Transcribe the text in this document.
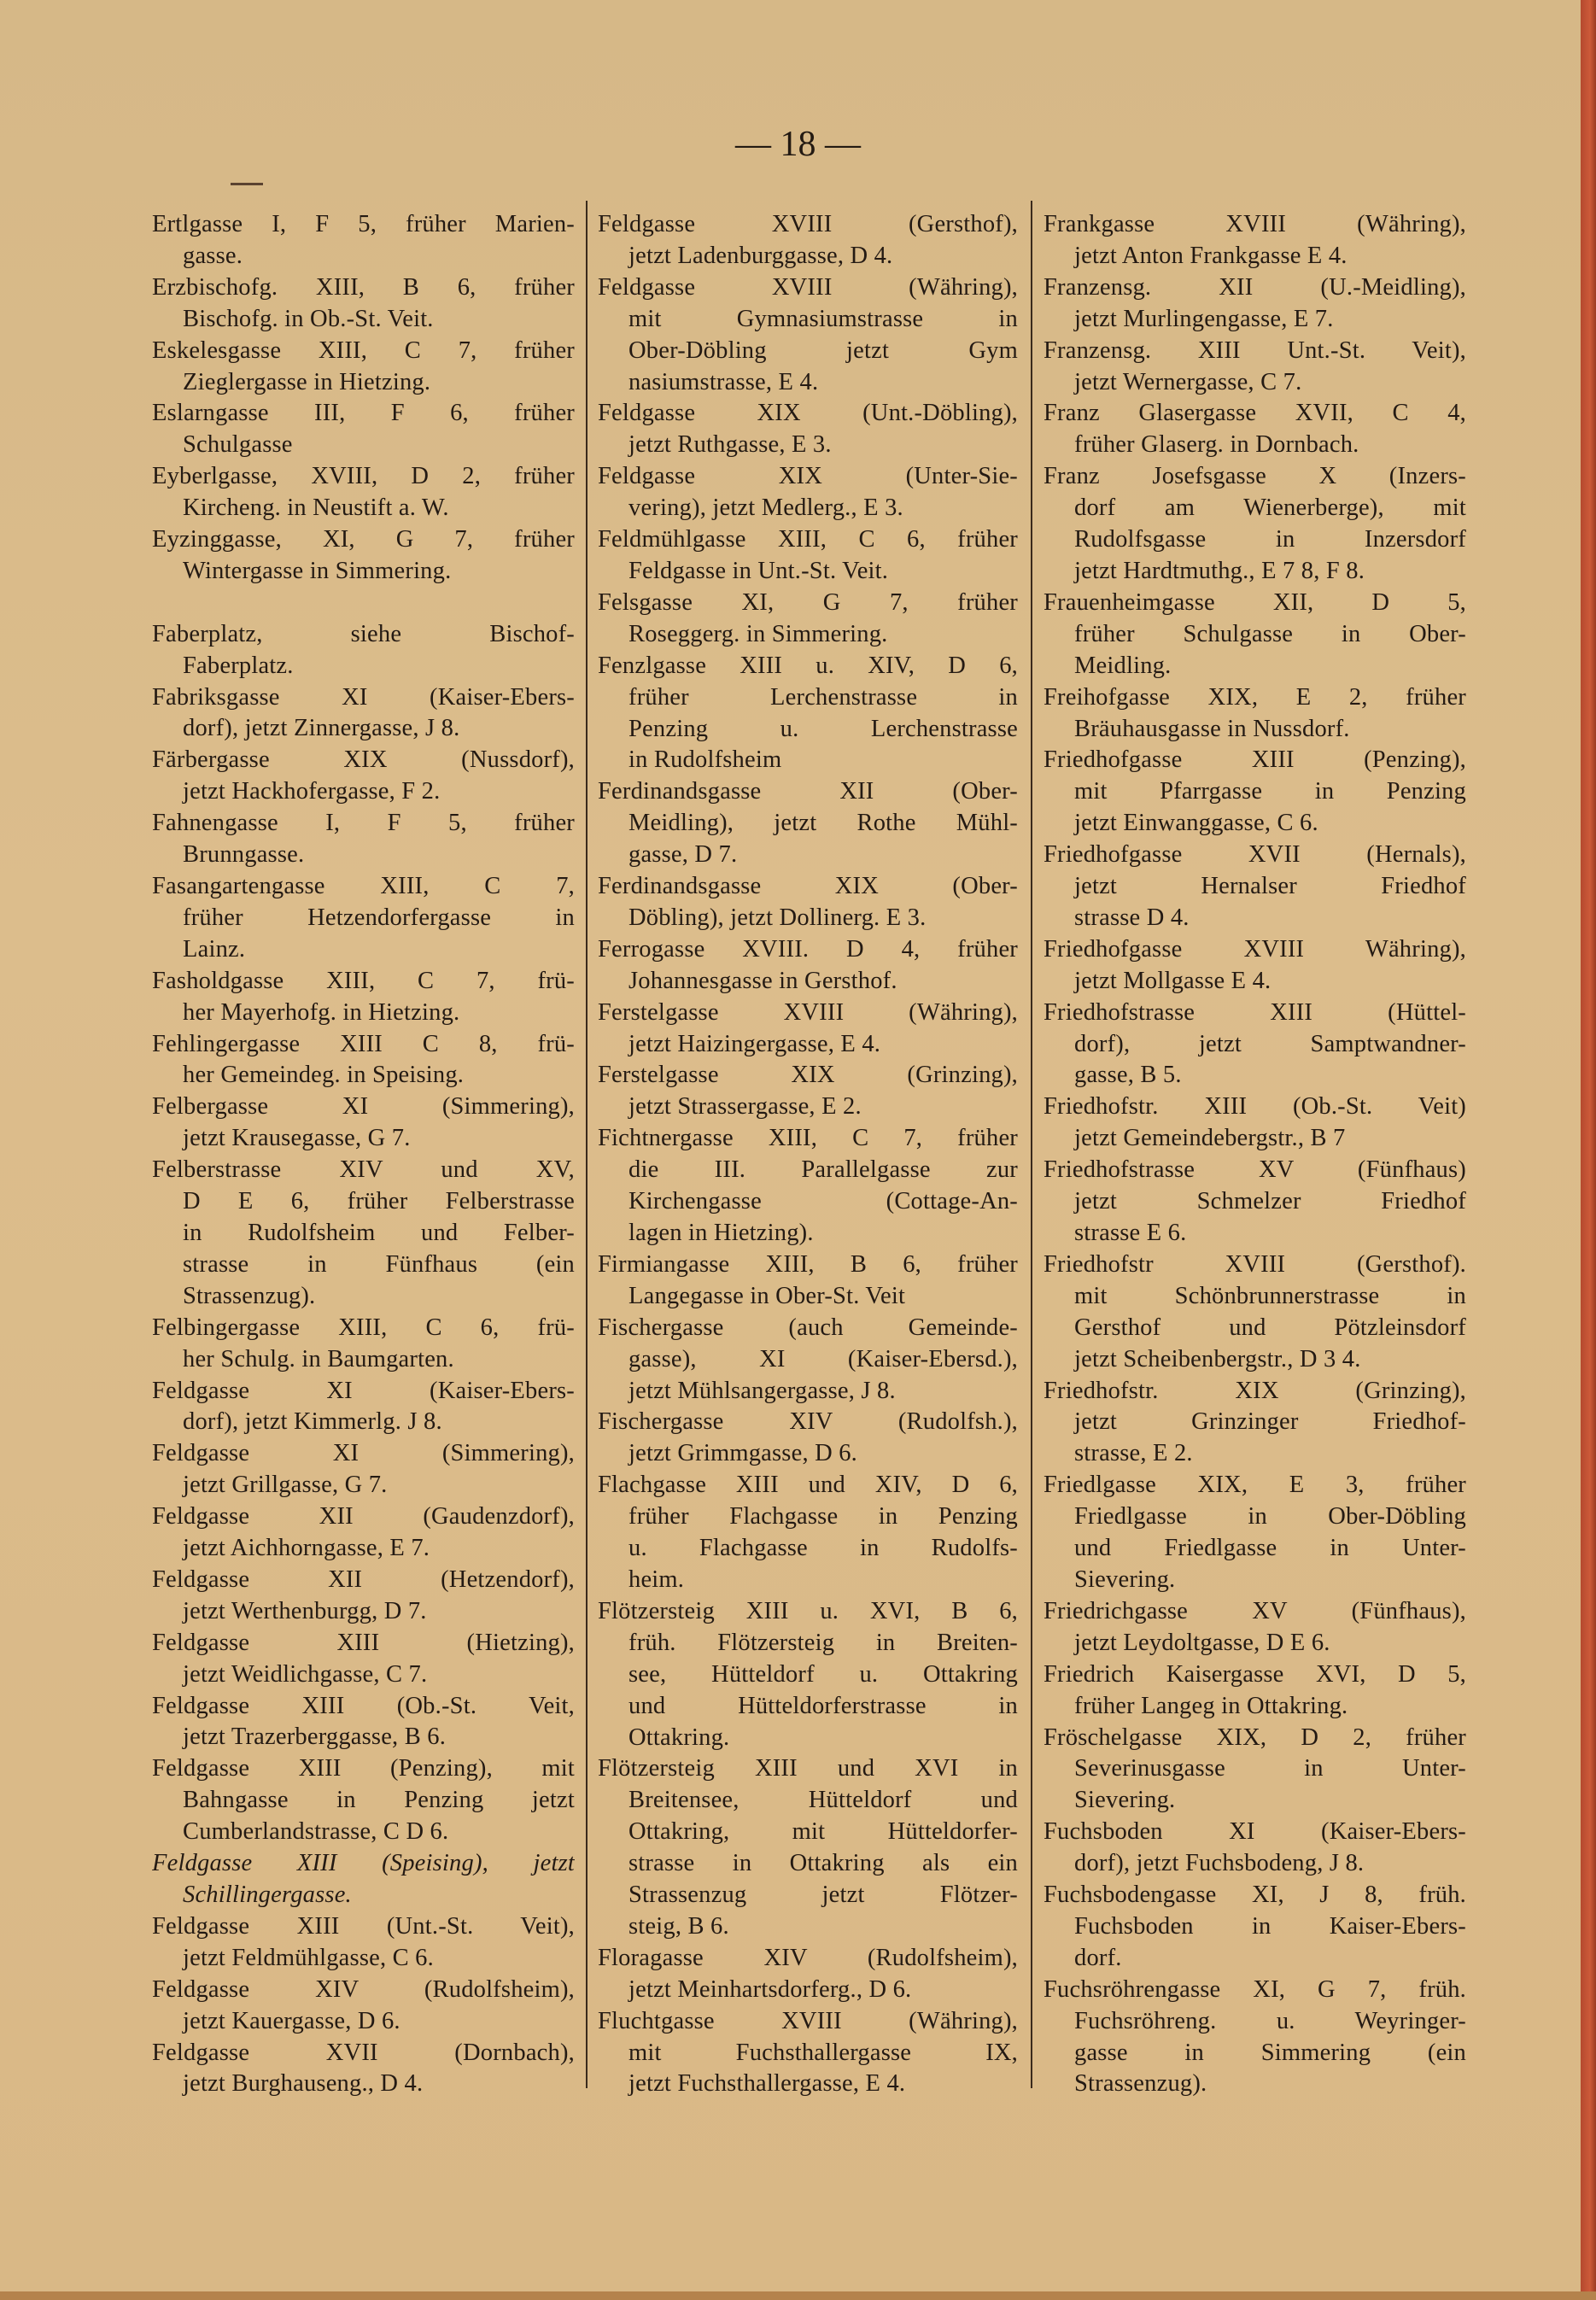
— 18 —
Ertlgasse I, F 5, früher Marien-
gasse.
Erzbischofg. XIII, B 6, früher
Bischofg. in Ob.-St. Veit.
Eskelesgasse XIII, C 7, früher
Zieglergasse in Hietzing.
Eslarngasse III, F 6, früher
Schulgasse
Eyberlgasse, XVIII, D 2, früher
Kircheng. in Neustift a. W.
Eyzinggasse, XI, G 7, früher
Wintergasse in Simmering.
Faberplatz, siehe Bischof-
Faberplatz.
Fabriksgasse XI (Kaiser-Ebers-
dorf), jetzt Zinnergasse, J 8.
Färbergasse XIX (Nussdorf),
jetzt Hackhofergasse, F 2.
Fahnengasse I, F 5, früher
Brunngasse.
Fasangartengasse XIII, C 7,
früher Hetzendorfergasse in
Lainz.
Fasholdgasse XIII, C 7, frü-
her Mayerhofg. in Hietzing.
Fehlingergasse XIII C 8, frü-
her Gemeindeg. in Speising.
Felbergasse XI (Simmering),
jetzt Krausegasse, G 7.
Felberstrasse XIV und XV,
D E 6, früher Felberstrasse
in Rudolfsheim und Felber-
strasse in Fünfhaus (ein
Strassenzug).
Felbingergasse XIII, C 6, frü-
her Schulg. in Baumgarten.
Feldgasse XI (Kaiser-Ebers-
dorf), jetzt Kimmerlg. J 8.
Feldgasse XI (Simmering),
jetzt Grillgasse, G 7.
Feldgasse XII (Gaudenzdorf),
jetzt Aichhorngasse, E 7.
Feldgasse XII (Hetzendorf),
jetzt Werthenburgg, D 7.
Feldgasse XIII (Hietzing),
jetzt Weidlichgasse, C 7.
Feldgasse XIII (Ob.-St. Veit,
jetzt Trazerberggasse, B 6.
Feldgasse XIII (Penzing), mit
Bahngasse in Penzing jetzt
Cumberlandstrasse, C D 6.
Feldgasse XIII (Speising), jetzt
Schillingergasse.
Feldgasse XIII (Unt.-St. Veit),
jetzt Feldmühlgasse, C 6.
Feldgasse XIV (Rudolfsheim),
jetzt Kauergasse, D 6.
Feldgasse XVII (Dornbach),
jetzt Burghauseng., D 4.
Feldgasse XVIII (Gersthof),
jetzt Ladenburggasse, D 4.
Feldgasse XVIII (Währing),
mit Gymnasiumstrasse in
Ober-Döbling jetzt Gym
nasiumstrasse, E 4.
Feldgasse XIX (Unt.-Döbling),
jetzt Ruthgasse, E 3.
Feldgasse XIX (Unter-Sie-
vering), jetzt Medlerg., E 3.
Feldmühlgasse XIII, C 6, früher
Feldgasse in Unt.-St. Veit.
Felsgasse XI, G 7, früher
Roseggerg. in Simmering.
Fenzlgasse XIII u. XIV, D 6,
früher Lerchenstrasse in
Penzing u. Lerchenstrasse
in Rudolfsheim
Ferdinandsgasse XII (Ober-
Meidling), jetzt Rothe Mühl-
gasse, D 7.
Ferdinandsgasse XIX (Ober-
Döbling), jetzt Dollinerg. E 3.
Ferrogasse XVIII. D 4, früher
Johannesgasse in Gersthof.
Ferstelgasse XVIII (Währing),
jetzt Haizingergasse, E 4.
Ferstelgasse XIX (Grinzing),
jetzt Strassergasse, E 2.
Fichtnergasse XIII, C 7, früher
die III. Parallelgasse zur
Kirchengasse (Cottage-An-
lagen in Hietzing).
Firmiangasse XIII, B 6, früher
Langegasse in Ober-St. Veit
Fischergasse (auch Gemeinde-
gasse), XI (Kaiser-Ebersd.),
jetzt Mühlsangergasse, J 8.
Fischergasse XIV (Rudolfsh.),
jetzt Grimmgasse, D 6.
Flachgasse XIII und XIV, D 6,
früher Flachgasse in Penzing
u. Flachgasse in Rudolfs-
heim.
Flötzersteig XIII u. XVI, B 6,
früh. Flötzersteig in Breiten-
see, Hütteldorf u. Ottakring
und Hütteldorferstrasse in
Ottakring.
Flötzersteig XIII und XVI in
Breitensee, Hütteldorf und
Ottakring, mit Hütteldorfer-
strasse in Ottakring als ein
Strassenzug jetzt Flötzer-
steig, B 6.
Floragasse XIV (Rudolfsheim),
jetzt Meinhartsdorferg., D 6.
Fluchtgasse XVIII (Währing),
mit Fuchsthallergasse IX,
jetzt Fuchsthallergasse, E 4.
Frankgasse XVIII (Währing),
jetzt Anton Frankgasse E 4.
Franzensg. XII (U.-Meidling),
jetzt Murlingengasse, E 7.
Franzensg. XIII Unt.-St. Veit),
jetzt Wernergasse, C 7.
Franz Glasergasse XVII, C 4,
früher Glaserg. in Dornbach.
Franz Josefsgasse X (Inzers-
dorf am Wienerberge), mit
Rudolfsgasse in Inzersdorf
jetzt Hardtmuthg., E 7 8, F 8.
Frauenheimgasse XII, D 5,
früher Schulgasse in Ober-
Meidling.
Freihofgasse XIX, E 2, früher
Bräuhausgasse in Nussdorf.
Friedhofgasse XIII (Penzing),
mit Pfarrgasse in Penzing
jetzt Einwanggasse, C 6.
Friedhofgasse XVII (Hernals),
jetzt Hernalser Friedhof
strasse D 4.
Friedhofgasse XVIII Währing),
jetzt Mollgasse E 4.
Friedhofstrasse XIII (Hüttel-
dorf), jetzt Samptwandner-
gasse, B 5.
Friedhofstr. XIII (Ob.-St. Veit)
jetzt Gemeindebergstr., B 7
Friedhofstrasse XV (Fünfhaus)
jetzt Schmelzer Friedhof
strasse E 6.
Friedhofstr XVIII (Gersthof).
mit Schönbrunnerstrasse in
Gersthof und Pötzleinsdorf
jetzt Scheibenbergstr., D 3 4.
Friedhofstr. XIX (Grinzing),
jetzt Grinzinger Friedhof-
strasse, E 2.
Friedlgasse XIX, E 3, früher
Friedlgasse in Ober-Döbling
und Friedlgasse in Unter-
Sievering.
Friedrichgasse XV (Fünfhaus),
jetzt Leydoltgasse, D E 6.
Friedrich Kaisergasse XVI, D 5,
früher Langeg in Ottakring.
Fröschelgasse XIX, D 2, früher
Severinusgasse in Unter-
Sievering.
Fuchsboden XI (Kaiser-Ebers-
dorf), jetzt Fuchsbodeng, J 8.
Fuchsbodengasse XI, J 8, früh.
Fuchsboden in Kaiser-Ebers-
dorf.
Fuchsröhrengasse XI, G 7, früh.
Fuchsröhreng. u. Weyringer-
gasse in Simmering (ein
Strassenzug).
